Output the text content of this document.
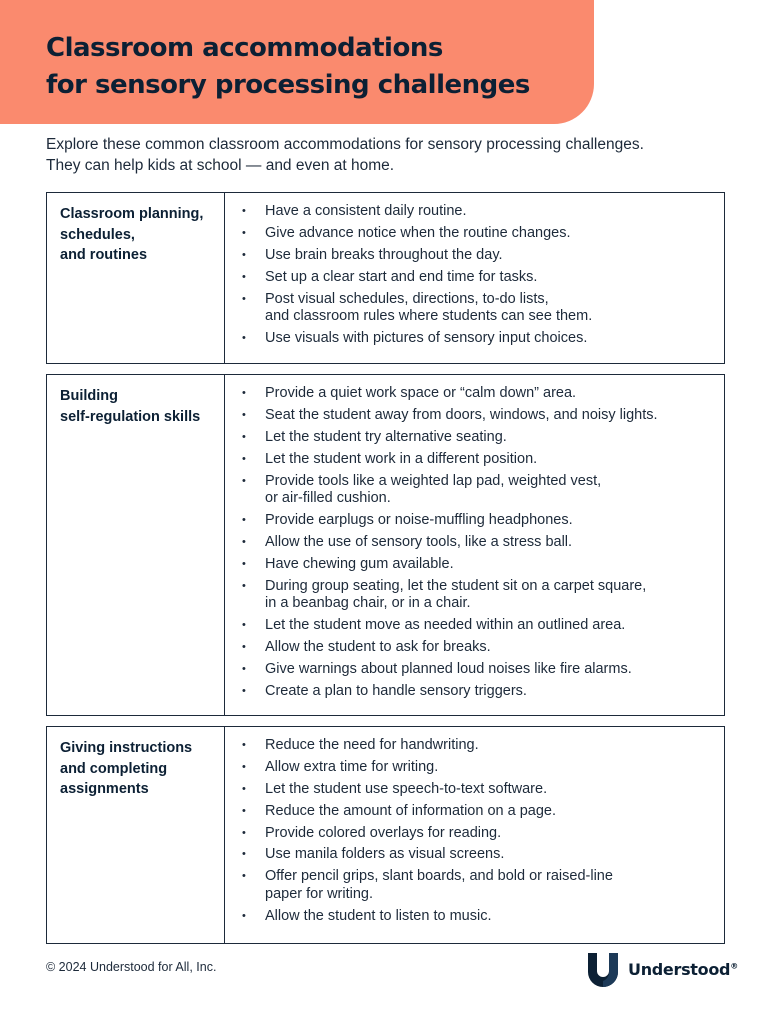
Classroom accommodations
for sensory processing challenges

Explore these common classroom accommodations for sensory processing challenges.
They can help kids at school — and even at home.

Classroom planning,
schedules,
and routines
• Have a consistent daily routine.
• Give advance notice when the routine changes.
• Use brain breaks throughout the day.
• Set up a clear start and end time for tasks.
• Post visual schedules, directions, to-do lists,
and classroom rules where students can see them.
• Use visuals with pictures of sensory input choices.
Building
self-regulation skills
• Provide a quiet work space or “calm down” area.
• Seat the student away from doors, windows, and noisy lights.
• Let the student try alternative seating.
• Let the student work in a different position.
• Provide tools like a weighted lap pad, weighted vest,
or air-filled cushion.
• Provide earplugs or noise-muffling headphones.
• Allow the use of sensory tools, like a stress ball.
• Have chewing gum available.
• During group seating, let the student sit on a carpet square,
in a beanbag chair, or in a chair.
• Let the student move as needed within an outlined area.
• Allow the student to ask for breaks.
• Give warnings about planned loud noises like fire alarms.
• Create a plan to handle sensory triggers.
Giving instructions
and completing
assignments
• Reduce the need for handwriting.
• Allow extra time for writing.
• Let the student use speech-to-text software.
• Reduce the amount of information on a page.
• Provide colored overlays for reading.
• Use manila folders as visual screens.
• Offer pencil grips, slant boards, and bold or raised-line
paper for writing.
• Allow the student to listen to music.
© 2024 Understood for All, Inc.	Understood®
